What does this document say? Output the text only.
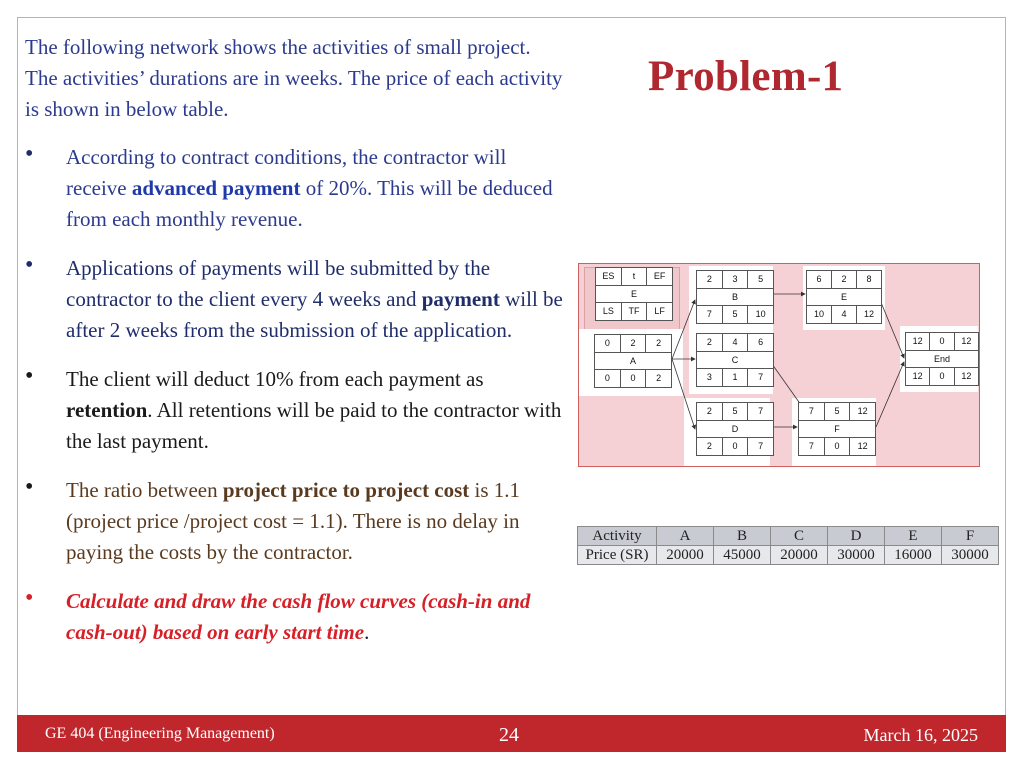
The following network shows the activities of small project. The activities’ durations are in weeks. The price of each activity is shown in below table.

Problem-1
• According to contract conditions, the contractor will receive advanced payment of 20%. This will be deduced from each monthly revenue.
• Applications of payments will be submitted by the contractor to the client every 4 weeks and payment will be after 2 weeks from the submission of the application.
• The client will deduct 10% from each payment as retention. All retentions will be paid to the contractor with the last payment.
• The ratio between project price to project cost is 1.1 (project price /project cost = 1.1). There is no delay in paying the costs by the contractor.
• Calculate and draw the cash flow curves (cash-in and cash-out) based on early start time.
ES	t	EF
E
LS	TF	LF
0	2	2
A
0	0	2
2	3	5
B
7	5	10
2	4	6
C
3	1	7
2	5	7
D
2	0	7
6	2	8
E
10	4	12
7	5	12
F
7	0	12
12	0	12
End
12	0	12
Activity	A	B	C	D	E	F
Price (SR)	20000	45000	20000	30000	16000	30000
GE 404 (Engineering Management)	24	March 16, 2025
